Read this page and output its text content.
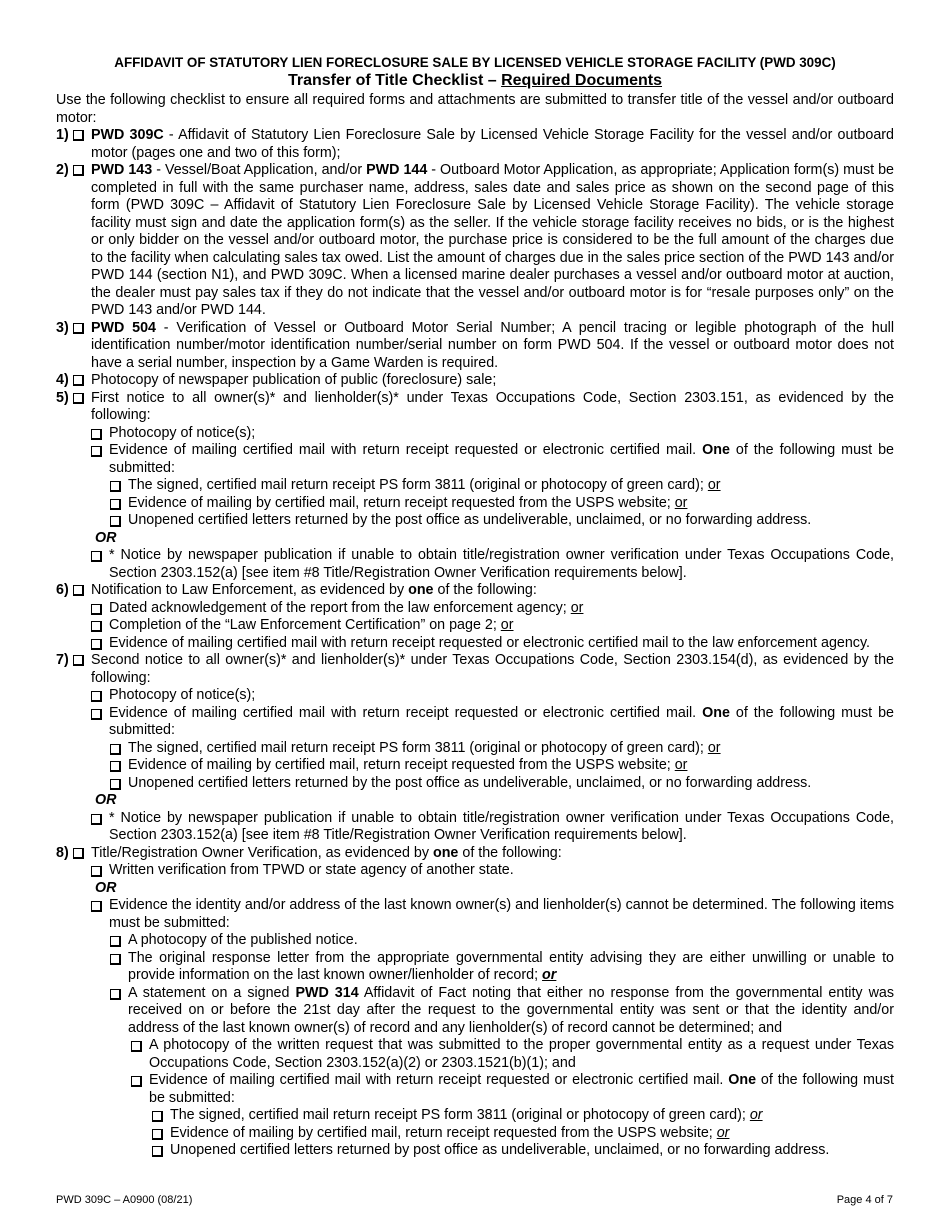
AFFIDAVIT OF STATUTORY LIEN FORECLOSURE SALE BY LICENSED VEHICLE STORAGE FACILITY (PWD 309C)
Transfer of Title Checklist – Required Documents

Use the following checklist to ensure all required forms and attachments are submitted to transfer title of the vessel and/or outboard motor:

1) PWD 309C - Affidavit of Statutory Lien Foreclosure Sale by Licensed Vehicle Storage Facility for the vessel and/or outboard motor (pages one and two of this form);
2) PWD 143 - Vessel/Boat Application, and/or PWD 144 - Outboard Motor Application, as appropriate; Application form(s) must be completed in full with the same purchaser name, address, sales date and sales price as shown on the second page of this form (PWD 309C – Affidavit of Statutory Lien Foreclosure Sale by Licensed Vehicle Storage Facility). The vehicle storage facility must sign and date the application form(s) as the seller. If the vehicle storage facility receives no bids, or is the highest or only bidder on the vessel and/or outboard motor, the purchase price is considered to be the full amount of the charges due to the facility when calculating sales tax owed. List the amount of charges due in the sales price section of the PWD 143 and/or PWD 144 (section N1), and PWD 309C. When a licensed marine dealer purchases a vessel and/or outboard motor at auction, the dealer must pay sales tax if they do not indicate that the vessel and/or outboard motor is for “resale purposes only” on the PWD 143 and/or PWD 144.
3) PWD 504 - Verification of Vessel or Outboard Motor Serial Number; A pencil tracing or legible photograph of the hull identification number/motor identification number/serial number on form PWD 504. If the vessel or outboard motor does not have a serial number, inspection by a Game Warden is required.
4) Photocopy of newspaper publication of public (foreclosure) sale;
5) First notice to all owner(s)* and lienholder(s)* under Texas Occupations Code, Section 2303.151, as evidenced by the following:
Photocopy of notice(s);
Evidence of mailing certified mail with return receipt requested or electronic certified mail. One of the following must be submitted:
The signed, certified mail return receipt PS form 3811 (original or photocopy of green card); or
Evidence of mailing by certified mail, return receipt requested from the USPS website; or
Unopened certified letters returned by the post office as undeliverable, unclaimed, or no forwarding address.
OR
* Notice by newspaper publication if unable to obtain title/registration owner verification under Texas Occupations Code, Section 2303.152(a) [see item #8 Title/Registration Owner Verification requirements below].
6) Notification to Law Enforcement, as evidenced by one of the following:
Dated acknowledgement of the report from the law enforcement agency; or
Completion of the “Law Enforcement Certification” on page 2; or
Evidence of mailing certified mail with return receipt requested or electronic certified mail to the law enforcement agency.
7) Second notice to all owner(s)* and lienholder(s)* under Texas Occupations Code, Section 2303.154(d), as evidenced by the following:
Photocopy of notice(s);
Evidence of mailing certified mail with return receipt requested or electronic certified mail. One of the following must be submitted:
The signed, certified mail return receipt PS form 3811 (original or photocopy of green card); or
Evidence of mailing by certified mail, return receipt requested from the USPS website; or
Unopened certified letters returned by the post office as undeliverable, unclaimed, or no forwarding address.
OR
* Notice by newspaper publication if unable to obtain title/registration owner verification under Texas Occupations Code, Section 2303.152(a) [see item #8 Title/Registration Owner Verification requirements below].
8) Title/Registration Owner Verification, as evidenced by one of the following:
Written verification from TPWD or state agency of another state.
OR
Evidence the identity and/or address of the last known owner(s) and lienholder(s) cannot be determined. The following items must be submitted:
A photocopy of the published notice.
The original response letter from the appropriate governmental entity advising they are either unwilling or unable to provide information on the last known owner/lienholder of record; or
A statement on a signed PWD 314 Affidavit of Fact noting that either no response from the governmental entity was received on or before the 21st day after the request to the governmental entity was sent or that the identity and/or address of the last known owner(s) of record and any lienholder(s) of record cannot be determined; and
A photocopy of the written request that was submitted to the proper governmental entity as a request under Texas Occupations Code, Section 2303.152(a)(2) or 2303.1521(b)(1); and
Evidence of mailing certified mail with return receipt requested or electronic certified mail. One of the following must be submitted:
The signed, certified mail return receipt PS form 3811 (original or photocopy of green card); or
Evidence of mailing by certified mail, return receipt requested from the USPS website; or
Unopened certified letters returned by post office as undeliverable, unclaimed, or no forwarding address.
PWD 309C – A0900 (08/21)	Page 4 of 7
